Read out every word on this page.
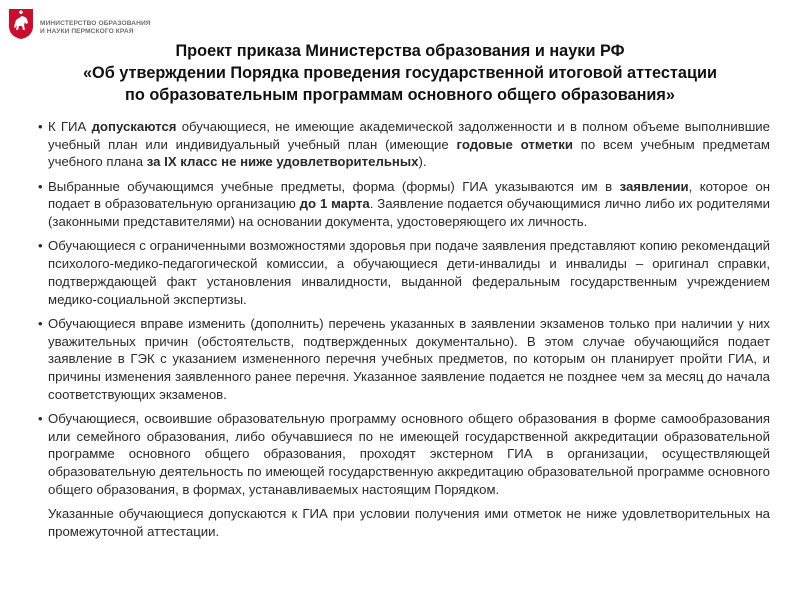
МИНИСТЕРСТВО ОБРАЗОВАНИЯ
И НАУКИ ПЕРМСКОГО КРАЯ
Проект приказа Министерства образования и науки РФ
«Об утверждении Порядка проведения государственной итоговой аттестации
по образовательным программам основного общего образования»

• К ГИА допускаются обучающиеся, не имеющие академической задолженности и в полном объеме выполнившие учебный план или индивидуальный учебный план (имеющие годовые отметки по всем учебным предметам учебного плана за IX класс не ниже удовлетворительных).

• Выбранные обучающимся учебные предметы, форма (формы) ГИА указываются им в заявлении, которое он подает в образовательную организацию до 1 марта. Заявление подается обучающимися лично либо их родителями (законными представителями) на основании документа, удостоверяющего их личность.

• Обучающиеся с ограниченными возможностями здоровья при подаче заявления представляют копию рекомендаций психолого-медико-педагогической комиссии, а обучающиеся дети-инвалиды и инвалиды – оригинал справки, подтверждающей факт установления инвалидности, выданной федеральным государственным учреждением медико-социальной экспертизы.

• Обучающиеся вправе изменить (дополнить) перечень указанных в заявлении экзаменов только при наличии у них уважительных причин (обстоятельств, подтвержденных документально). В этом случае обучающийся подает заявление в ГЭК с указанием измененного перечня учебных предметов, по которым он планирует пройти ГИА, и причины изменения заявленного ранее перечня. Указанное заявление подается не позднее чем за месяц до начала соответствующих экзаменов.

• Обучающиеся, освоившие образовательную программу основного общего образования в форме самообразования или семейного образования, либо обучавшиеся по не имеющей государственной аккредитации образовательной программе основного общего образования, проходят экстерном ГИА в организации, осуществляющей образовательную деятельность по имеющей государственную аккредитацию образовательной программе основного общего образования, в формах, устанавливаемых настоящим Порядком.

Указанные обучающиеся допускаются к ГИА при условии получения ими отметок не ниже удовлетворительных на промежуточной аттестации.
